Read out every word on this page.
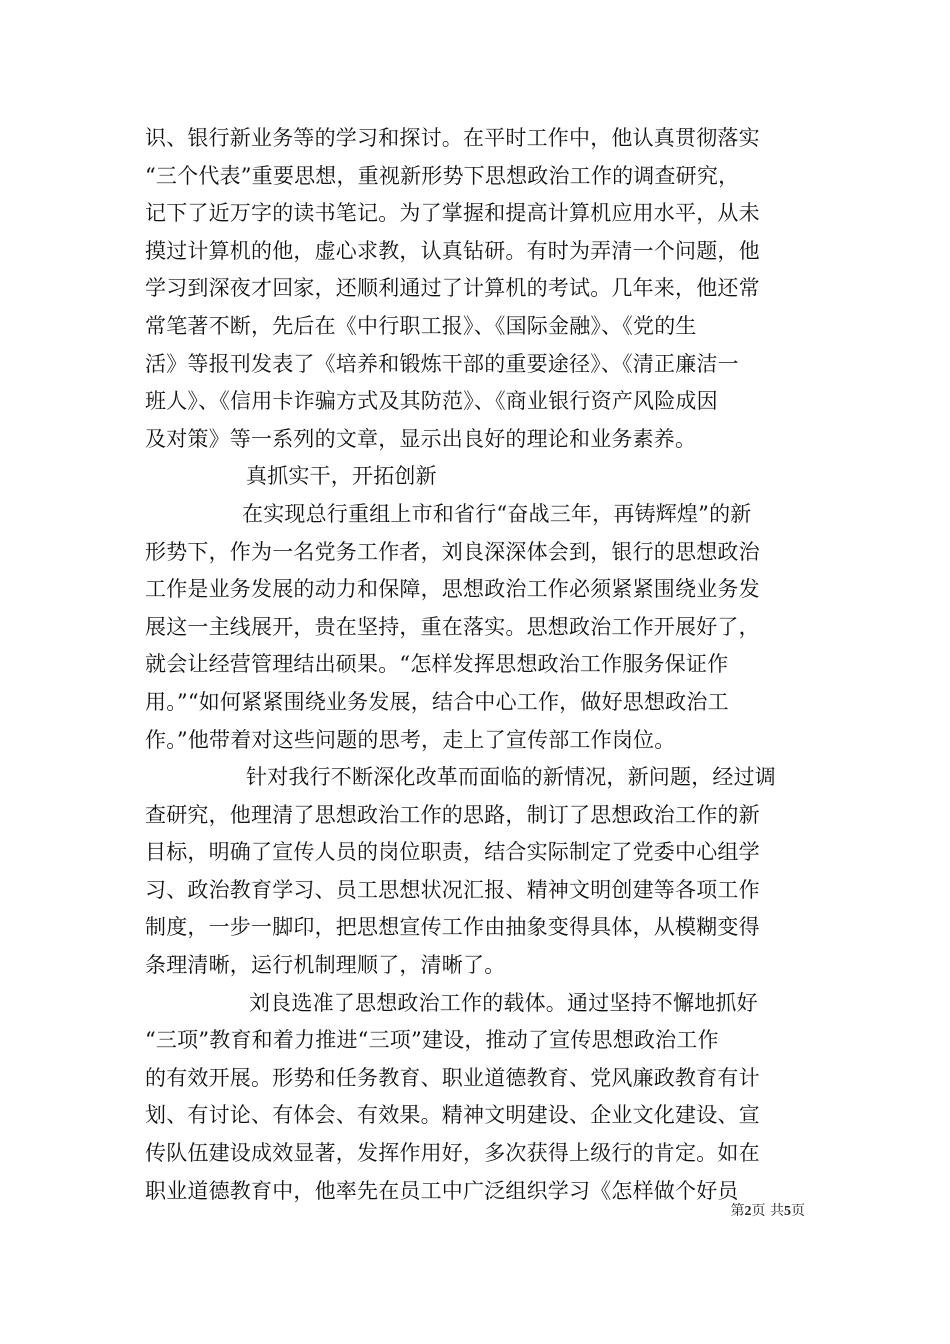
识、银行新业务等的学习和探讨。在平时工作中，他认真贯彻落实
“三个代表”重要思想，重视新形势下思想政治工作的调查研究，
记下了近万字的读书笔记。为了掌握和提高计算机应用水平，从未
摸过计算机的他，虚心求教，认真钻研。有时为弄清一个问题，他
学习到深夜才回家，还顺利通过了计算机的考试。几年来，他还常
常笔著不断，先后在《中行职工报》、《国际金融》、《党的生
活》等报刊发表了《培养和锻炼干部的重要途径》、《清正廉洁一
班人》、《信用卡诈骗方式及其防范》、《商业银行资产风险成因
及对策》等一系列的文章，显示出良好的理论和业务素养。
真抓实干，开拓创新
在实现总行重组上市和省行“奋战三年，再铸辉煌”的新
形势下，作为一名党务工作者，刘良深深体会到，银行的思想政治
工作是业务发展的动力和保障，思想政治工作必须紧紧围绕业务发
展这一主线展开，贵在坚持，重在落实。思想政治工作开展好了，
就会让经营管理结出硕果。“怎样发挥思想政治工作服务保证作
用。”“如何紧紧围绕业务发展，结合中心工作，做好思想政治工
作。”他带着对这些问题的思考，走上了宣传部工作岗位。
针对我行不断深化改革而面临的新情况，新问题，经过调
查研究，他理清了思想政治工作的思路，制订了思想政治工作的新
目标，明确了宣传人员的岗位职责，结合实际制定了党委中心组学
习、政治教育学习、员工思想状况汇报、精神文明创建等各项工作
制度，一步一脚印，把思想宣传工作由抽象变得具体，从模糊变得
条理清晰，运行机制理顺了，清晰了。
刘良选准了思想政治工作的载体。通过坚持不懈地抓好
“三项”教育和着力推进“三项”建设，推动了宣传思想政治工作
的有效开展。形势和任务教育、职业道德教育、党风廉政教育有计
划、有讨论、有体会、有效果。精神文明建设、企业文化建设、宣
传队伍建设成效显著，发挥作用好，多次获得上级行的肯定。如在
职业道德教育中，他率先在员工中广泛组织学习《怎样做个好员
第2页 共5页
